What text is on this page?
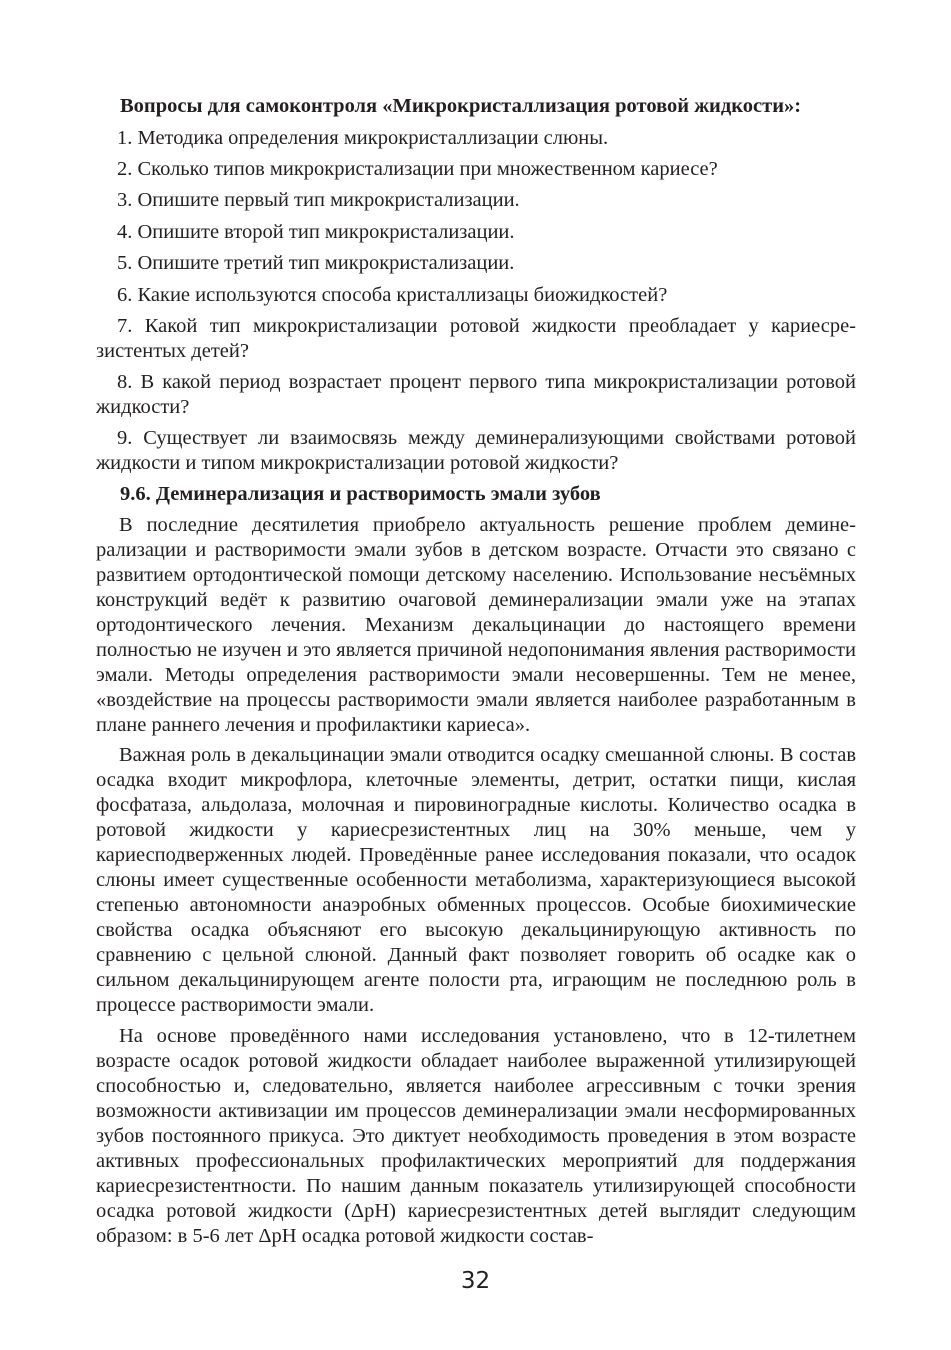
Вопросы для самоконтроля «Микрокристаллизация ротовой жидкости»:
1. Методика определения микрокристаллизации слюны.
2. Сколько типов микрокристализации при множественном кариесе?
3. Опишите первый тип микрокристализации.
4. Опишите второй тип микрокристализации.
5. Опишите третий тип микрокристализации.
6. Какие используются способа кристаллизацы биожидкостей?
7. Какой тип микрокристализации ротовой жидкости преобладает у кариесрезистентых детей?
8. В какой период возрастает процент первого типа микрокристализации ротовой жидкости?
9. Существует ли взаимосвязь между деминерализующими свойствами ротовой жидкости и типом микрокристализации ротовой жидкости?
9.6. Деминерализация и растворимость эмали зубов
В последние десятилетия приобрело актуальность решение проблем деминерализации и растворимости эмали зубов в детском возрасте. Отчасти это связано с развитием ортодонтической помощи детскому населению. Использование несъёмных конструкций ведёт к развитию очаговой деминерализации эмали уже на этапах ортодонтического лечения. Механизм декальцинации до настоящего времени полностью не изучен и это является причиной недопонимания явления растворимости эмали. Методы определения растворимости эмали несовершенны. Тем не менее, «воздействие на процессы растворимости эмали является наиболее разработанным в плане раннего лечения и профилактики кариеса».
Важная роль в декальцинации эмали отводится осадку смешанной слюны. В состав осадка входит микрофлора, клеточные элементы, детрит, остатки пищи, кислая фосфатаза, альдолаза, молочная и пировиноградные кислоты. Количество осадка в ротовой жидкости у кариесрезистентных лиц на 30% меньше, чем у кариесподверженных людей. Проведённые ранее исследования показали, что осадок слюны имеет существенные особенности метаболизма, характеризующиеся высокой степенью автономности анаэробных обменных процессов. Особые биохимические свойства осадка объясняют его высокую декальцинирующую активность по сравнению с цельной слюной. Данный факт позволяет говорить об осадке как о сильном декальцинирующем агенте полости рта, играющим не последнюю роль в процессе растворимости эмали.
На основе проведённого нами исследования установлено, что в 12-тилетнем возрасте осадок ротовой жидкости обладает наиболее выраженной утилизирующей способностью и, следовательно, является наиболее агрессивным с точки зрения возможности активизации им процессов деминерализации эмали несформированных зубов постоянного прикуса. Это диктует необходимость проведения в этом возрасте активных профессиональных профилактических мероприятий для поддержания кариесрезистентности. По нашим данным показатель утилизирующей способности осадка ротовой жидкости (ΔpH) кариесрезистентных детей выглядит следующим образом: в 5-6 лет ΔpH осадка ротовой жидкости состав-
32
